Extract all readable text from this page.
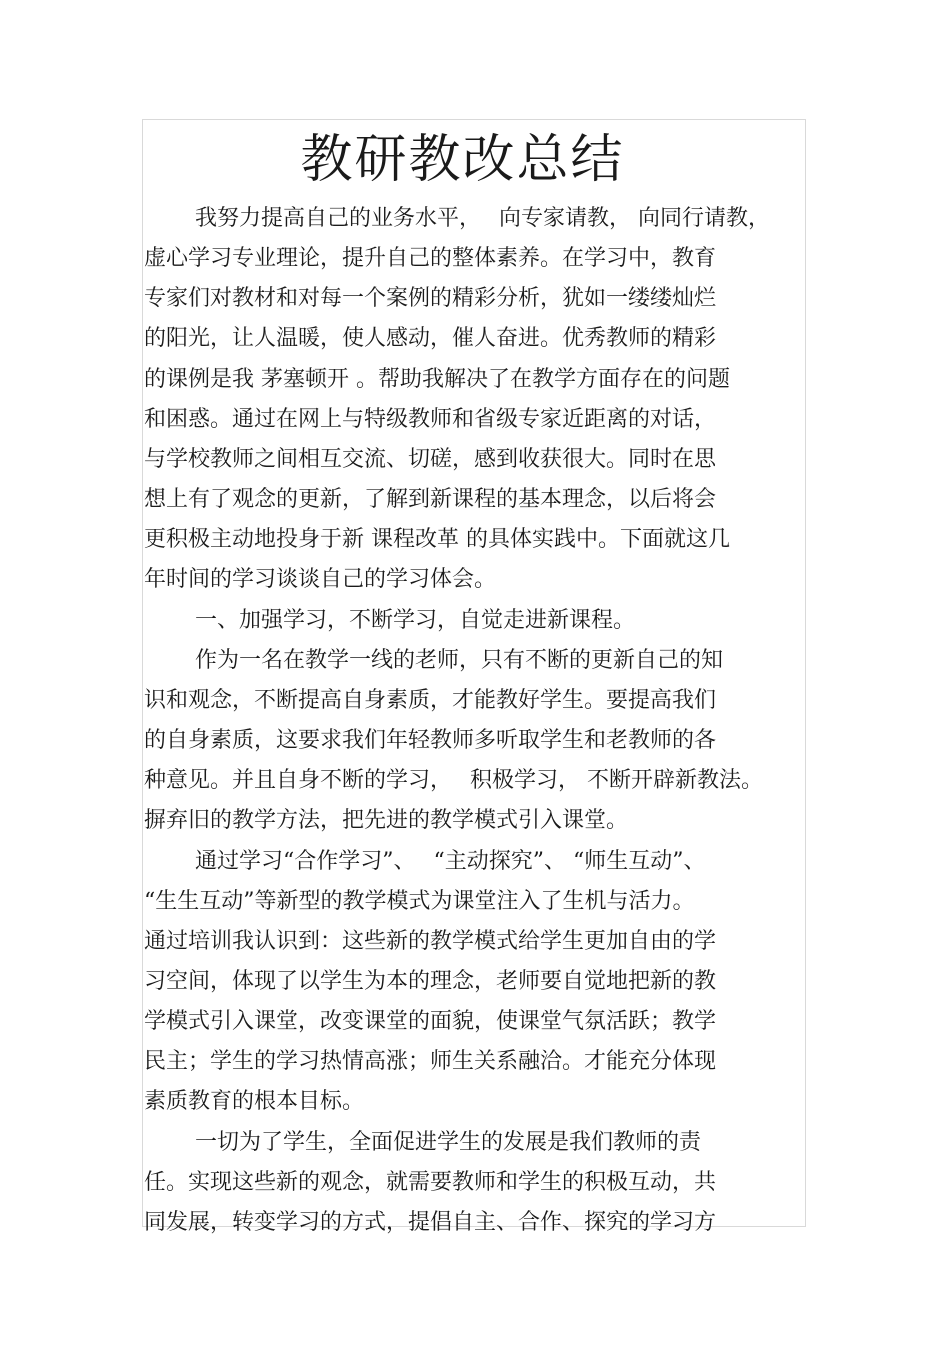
教研教改总结
我努力提高自己的业务水平，　 向专家请教， 向同行请教，
虚心学习专业理论，提升自己的整体素养。在学习中，教育
专家们对教材和对每一个案例的精彩分析，犹如一缕缕灿烂
的阳光，让人温暖，使人感动，催人奋进。优秀教师的精彩
的课例是我 茅塞顿开 。帮助我解决了在教学方面存在的问题
和困惑。通过在网上与特级教师和省级专家近距离的对话，
与学校教师之间相互交流、切磋，感到收获很大。同时在思
想上有了观念的更新，了解到新课程的基本理念，以后将会
更积极主动地投身于新 课程改革 的具体实践中。下面就这几
年时间的学习谈谈自己的学习体会。
一、加强学习，不断学习，自觉走进新课程。
作为一名在教学一线的老师，只有不断的更新自己的知
识和观念，不断提高自身素质，才能教好学生。要提高我们
的自身素质，这要求我们年轻教师多听取学生和老教师的各
种意见。并且自身不断的学习，　 积极学习， 不断开辟新教法。
摒弃旧的教学方法，把先进的教学模式引入课堂。
通过学习“合作学习”、　 “主动探究”、 “师生互动”、
“生生互动”等新型的教学模式为课堂注入了生机与活力。
通过培训我认识到：这些新的教学模式给学生更加自由的学
习空间，体现了以学生为本的理念，老师要自觉地把新的教
学模式引入课堂，改变课堂的面貌，使课堂气氛活跃；教学
民主；学生的学习热情高涨；师生关系融洽。才能充分体现
素质教育的根本目标。
一切为了学生，全面促进学生的发展是我们教师的责
任。实现这些新的观念，就需要教师和学生的积极互动，共
同发展，转变学习的方式，提倡自主、合作、探究的学习方
